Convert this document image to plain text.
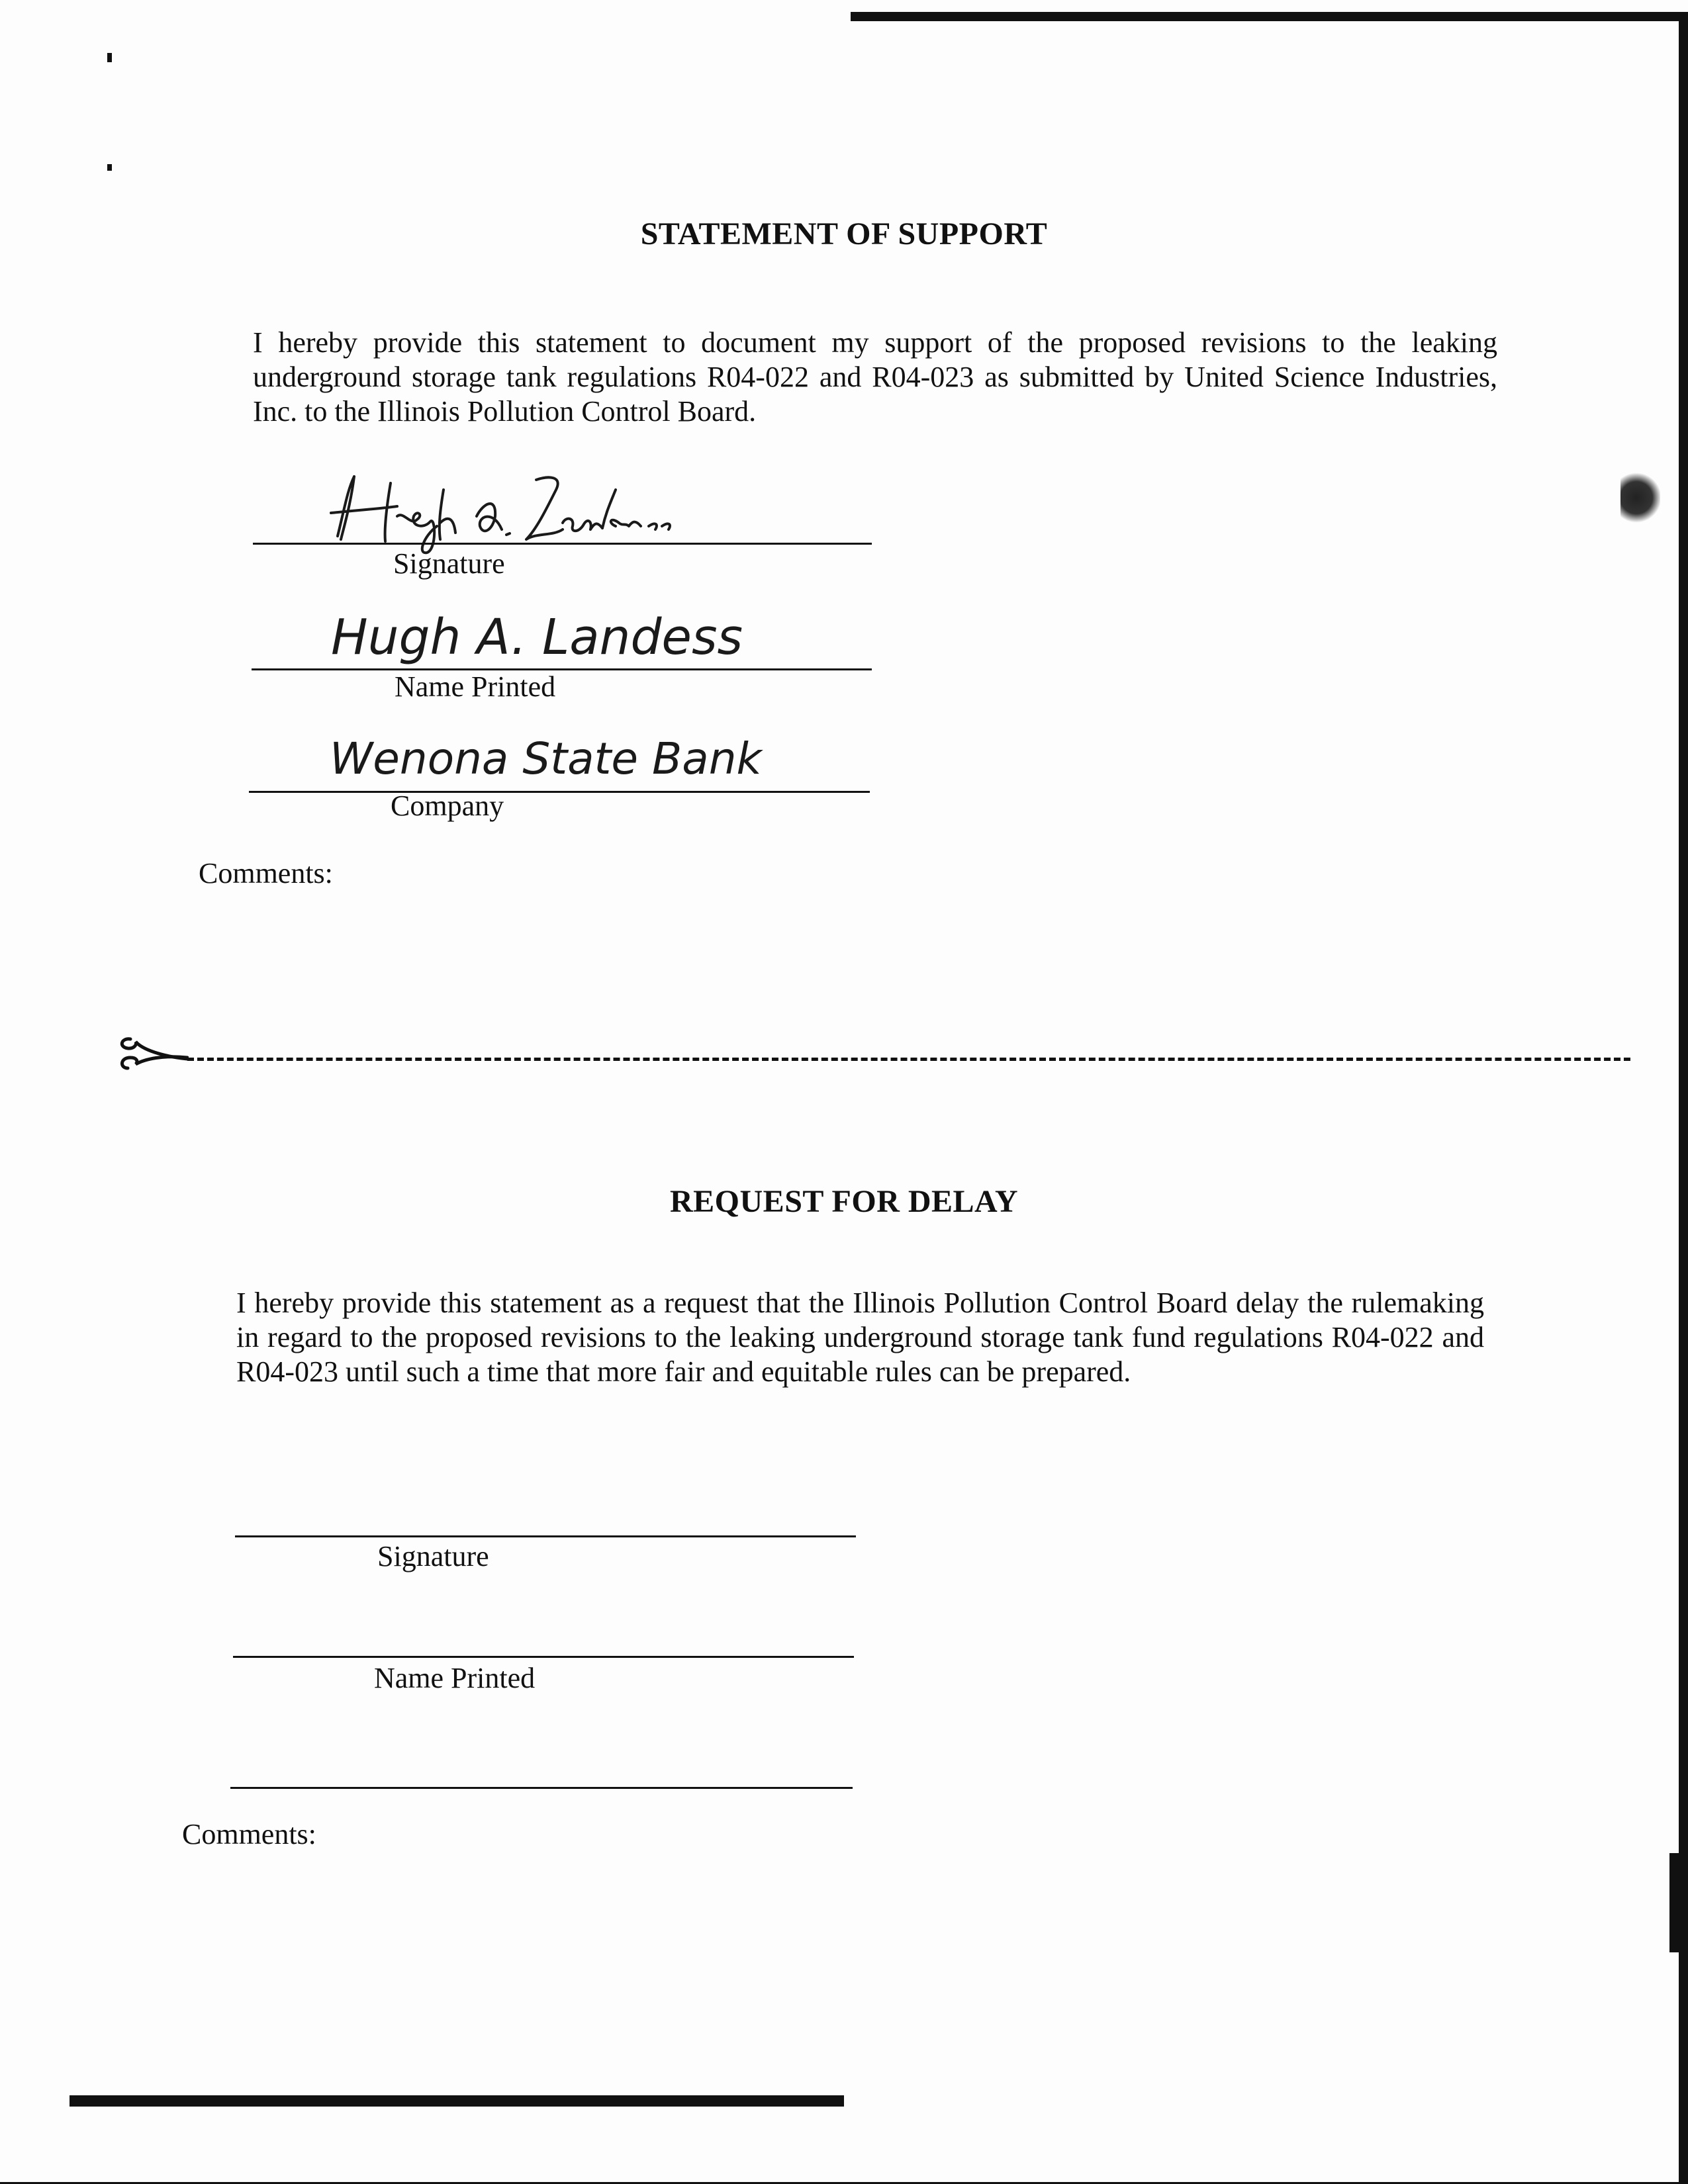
STATEMENT OF SUPPORT

I hereby provide this statement to document my support of the proposed revisions to the leaking underground storage tank regulations R04-022 and R04-023 as submitted by United Science Industries, Inc. to the Illinois Pollution Control Board.

Signature

Hugh A. Landess

Name Printed

Wenona State Bank

Company

Comments:

REQUEST FOR DELAY

I hereby provide this statement as a request that the Illinois Pollution Control Board delay the rulemaking in regard to the proposed revisions to the leaking underground storage tank fund regulations R04-022 and R04-023 until such a time that more fair and equitable rules can be prepared.

Signature

Name Printed

Comments:
